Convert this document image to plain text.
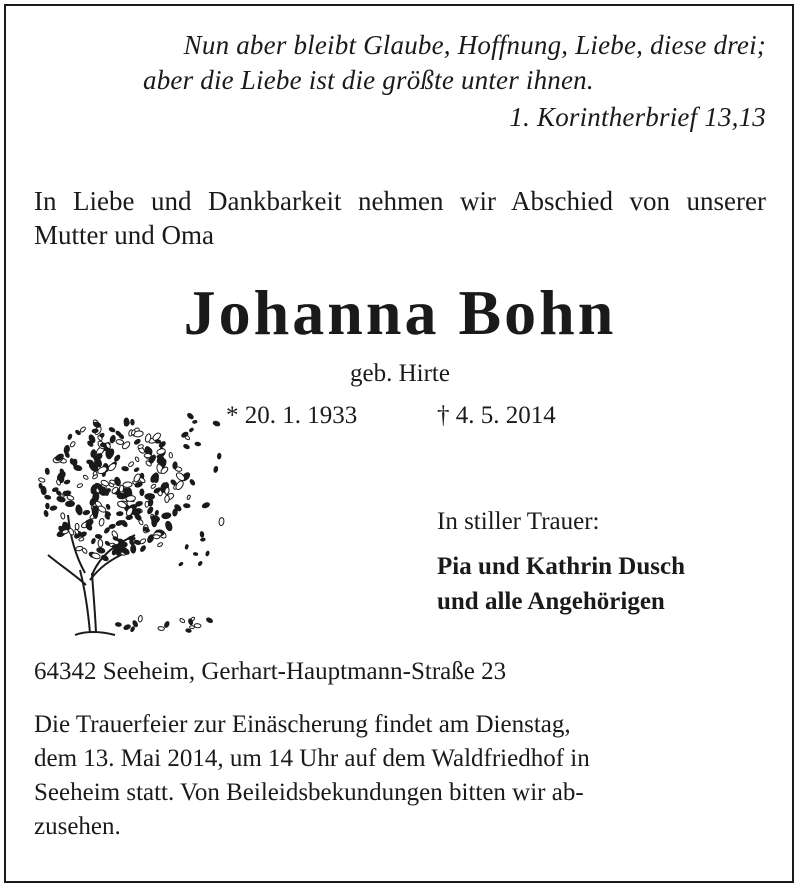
Nun aber bleibt Glaube, Hoffnung, Liebe, diese drei;
aber die Liebe ist die größte unter ihnen.
1. Korintherbrief 13,13
In Liebe und Dankbarkeit nehmen wir Abschied von unserer Mutter und Oma
Johanna Bohn
geb. Hirte
* 20. 1. 1933	† 4. 5. 2014
In stiller Trauer:
Pia und Kathrin Dusch
und alle Angehörigen
64342 Seeheim, Gerhart-Hauptmann-Straße 23
Die Trauerfeier zur Einäscherung findet am Dienstag,
dem 13. Mai 2014, um 14 Uhr auf dem Waldfriedhof in
Seeheim statt. Von Beileidsbekundungen bitten wir ab-
zusehen.
